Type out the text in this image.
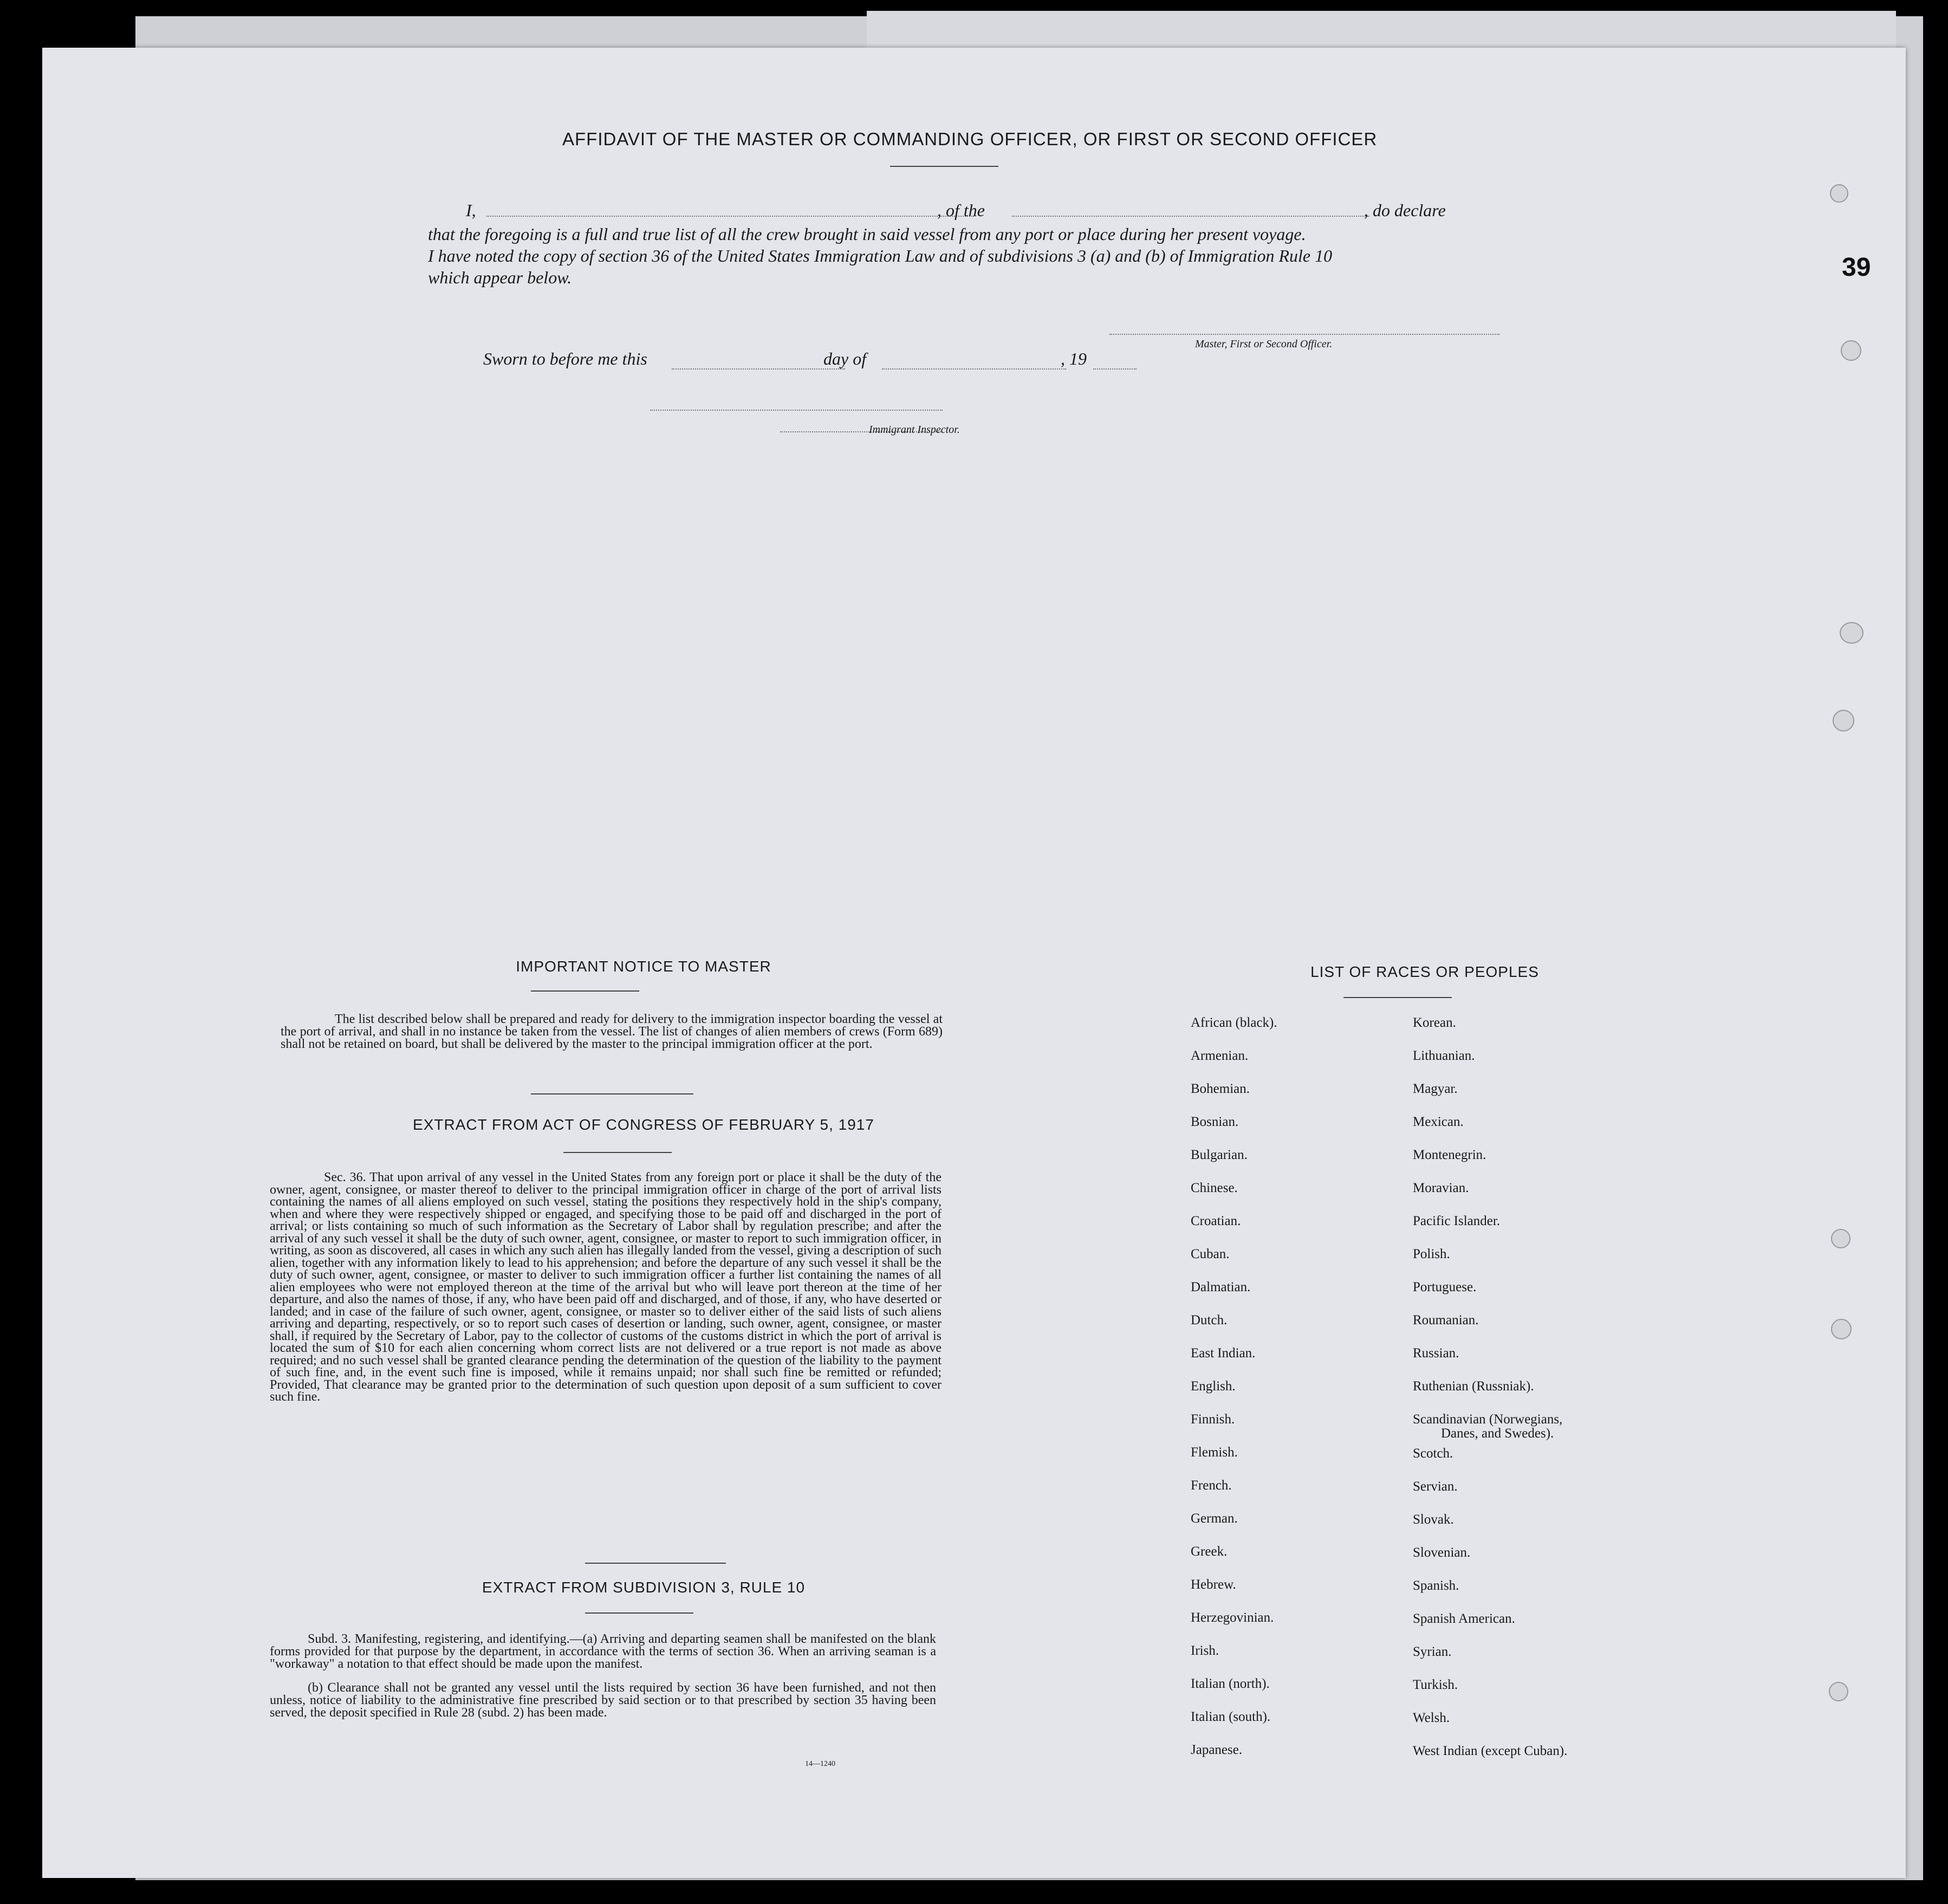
AFFIDAVIT OF THE MASTER OR COMMANDING OFFICER, OR FIRST OR SECOND OFFICER
I,	, of the	, do declare
that the foregoing is a full and true list of all the crew brought in said vessel from any port or place during her present voyage.
I have noted the copy of section 36 of the United States Immigration Law and of subdivisions 3 (a) and (b) of Immigration Rule 10
which appear below.
Master, First or Second Officer.
Sworn to before me this	day of	, 19
Immigrant Inspector.
39
IMPORTANT NOTICE TO MASTER
The list described below shall be prepared and ready for delivery to the immigration inspector boarding the vessel at the port of arrival, and shall in no instance be taken from the vessel. The list of changes of alien members of crews (Form 689) shall not be retained on board, but shall be delivered by the master to the principal immigration officer at the port.
EXTRACT FROM ACT OF CONGRESS OF FEBRUARY 5, 1917
Sec. 36. That upon arrival of any vessel in the United States from any foreign port or place it shall be the duty of the owner, agent, consignee, or master thereof to deliver to the principal immigration officer in charge of the port of arrival lists containing the names of all aliens employed on such vessel, stating the positions they respectively hold in the ship's company, when and where they were respectively shipped or engaged, and specifying those to be paid off and discharged in the port of arrival; or lists containing so much of such information as the Secretary of Labor shall by regulation prescribe; and after the arrival of any such vessel it shall be the duty of such owner, agent, consignee, or master to report to such immigration officer, in writing, as soon as discovered, all cases in which any such alien has illegally landed from the vessel, giving a description of such alien, together with any information likely to lead to his apprehension; and before the departure of any such vessel it shall be the duty of such owner, agent, consignee, or master to deliver to such immigration officer a further list containing the names of all alien employees who were not employed thereon at the time of the arrival but who will leave port thereon at the time of her departure, and also the names of those, if any, who have been paid off and discharged, and of those, if any, who have deserted or landed; and in case of the failure of such owner, agent, consignee, or master so to deliver either of the said lists of such aliens arriving and departing, respectively, or so to report such cases of desertion or landing, such owner, agent, consignee, or master shall, if required by the Secretary of Labor, pay to the collector of customs of the customs district in which the port of arrival is located the sum of $10 for each alien concerning whom correct lists are not delivered or a true report is not made as above required; and no such vessel shall be granted clearance pending the determination of the question of the liability to the payment of such fine, and, in the event such fine is imposed, while it remains unpaid; nor shall such fine be remitted or refunded; Provided, That clearance may be granted prior to the determination of such question upon deposit of a sum sufficient to cover such fine.
EXTRACT FROM SUBDIVISION 3, RULE 10
Subd. 3. Manifesting, registering, and identifying.—(a) Arriving and departing seamen shall be manifested on the blank forms provided for that purpose by the department, in accordance with the terms of section 36. When an arriving seaman is a "workaway" a notation to that effect should be made upon the manifest.
(b) Clearance shall not be granted any vessel until the lists required by section 36 have been furnished, and not then unless, notice of liability to the administrative fine prescribed by said section or to that prescribed by section 35 having been served, the deposit specified in Rule 28 (subd. 2) has been made.
14—1240
LIST OF RACES OR PEOPLES
Danes, and Swedes).
African (black).
Armenian.
Bohemian.
Bosnian.
Bulgarian.
Chinese.
Croatian.
Cuban.
Dalmatian.
Dutch.
East Indian.
English.
Finnish.
Flemish.
French.
German.
Greek.
Hebrew.
Herzegovinian.
Irish.
Italian (north).
Italian (south).
Japanese.
Korean.
Lithuanian.
Magyar.
Mexican.
Montenegrin.
Moravian.
Pacific Islander.
Polish.
Portuguese.
Roumanian.
Russian.
Ruthenian (Russniak).
Scandinavian (Norwegians,
Scotch.
Servian.
Slovak.
Slovenian.
Spanish.
Spanish American.
Syrian.
Turkish.
Welsh.
West Indian (except Cuban).
